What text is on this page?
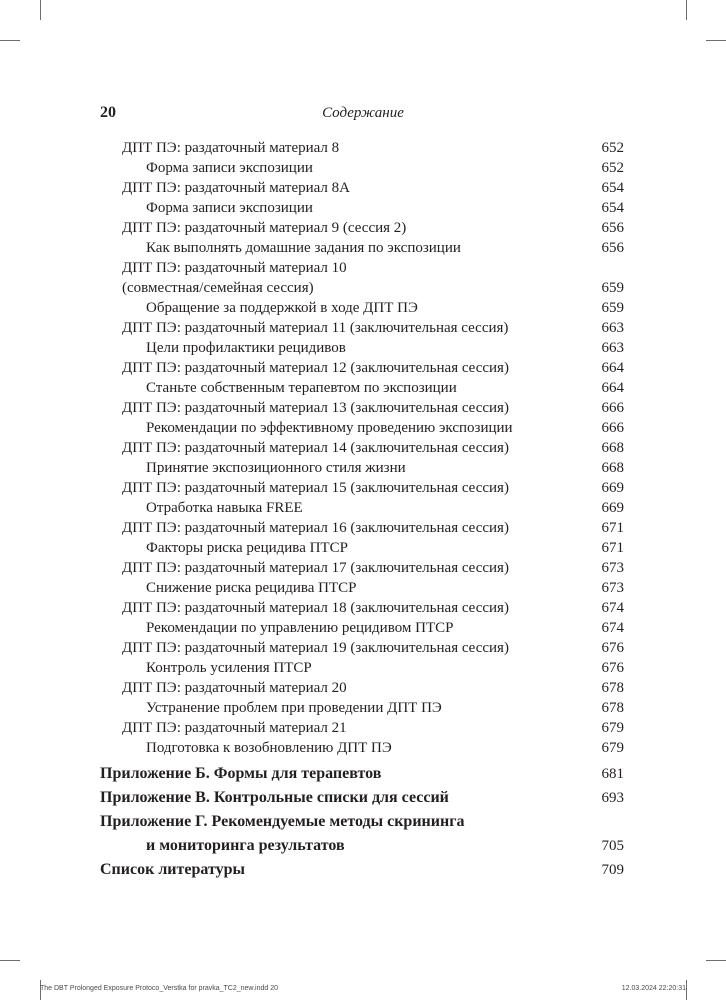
20	Содержание
ДПТ ПЭ: раздаточный материал 8	652
Форма записи экспозиции	652
ДПТ ПЭ: раздаточный материал 8А	654
Форма записи экспозиции	654
ДПТ ПЭ: раздаточный материал 9 (сессия 2)	656
Как выполнять домашние задания по экспозиции	656
ДПТ ПЭ: раздаточный материал 10
(совместная/семейная сессия)	659
Обращение за поддержкой в ходе ДПТ ПЭ	659
ДПТ ПЭ: раздаточный материал 11 (заключительная сессия)	663
Цели профилактики рецидивов	663
ДПТ ПЭ: раздаточный материал 12 (заключительная сессия)	664
Станьте собственным терапевтом по экспозиции	664
ДПТ ПЭ: раздаточный материал 13 (заключительная сессия)	666
Рекомендации по эффективному проведению экспозиции	666
ДПТ ПЭ: раздаточный материал 14 (заключительная сессия)	668
Принятие экспозиционного стиля жизни	668
ДПТ ПЭ: раздаточный материал 15 (заключительная сессия)	669
Отработка навыка FREE	669
ДПТ ПЭ: раздаточный материал 16 (заключительная сессия)	671
Факторы риска рецидива ПТСР	671
ДПТ ПЭ: раздаточный материал 17 (заключительная сессия)	673
Снижение риска рецидива ПТСР	673
ДПТ ПЭ: раздаточный материал 18 (заключительная сессия)	674
Рекомендации по управлению рецидивом ПТСР	674
ДПТ ПЭ: раздаточный материал 19 (заключительная сессия)	676
Контроль усиления ПТСР	676
ДПТ ПЭ: раздаточный материал 20	678
Устранение проблем при проведении ДПТ ПЭ	678
ДПТ ПЭ: раздаточный материал 21	679
Подготовка к возобновлению ДПТ ПЭ	679
Приложение Б. Формы для терапевтов	681
Приложение В. Контрольные списки для сессий	693
Приложение Г. Рекомендуемые методы скрининга
и мониторинга результатов	705
Список литературы	709
The DBT Prolonged Exposure Protoco_Verstka for pravka_TC2_new.indd 20	12.03.2024 22:20:31
